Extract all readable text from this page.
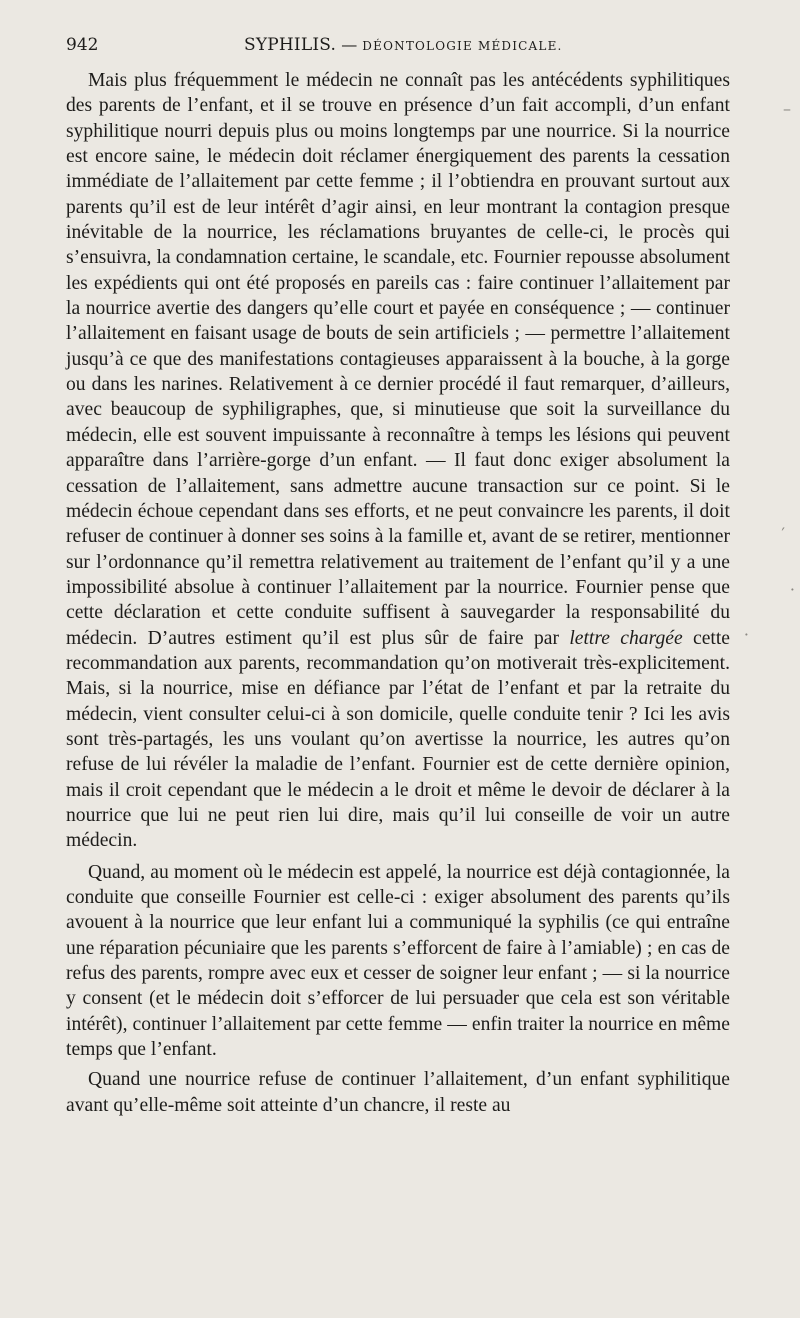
942	SYPHILIS. — DÉONTOLOGIE MÉDICALE.

Mais plus fréquemment le médecin ne connaît pas les antécédents syphilitiques des parents de l’enfant, et il se trouve en présence d’un fait accompli, d’un enfant syphilitique nourri depuis plus ou moins longtemps par une nourrice. Si la nourrice est encore saine, le médecin doit réclamer énergiquement des parents la cessation immédiate de l’allaitement par cette femme ; il l’obtiendra en prouvant surtout aux parents qu’il est de leur intérêt d’agir ainsi, en leur montrant la contagion presque inévitable de la nourrice, les réclamations bruyantes de celle-ci, le procès qui s’ensuivra, la condamnation certaine, le scandale, etc. Fournier repousse absolument les expédients qui ont été proposés en pareils cas : faire continuer l’allaitement par la nourrice avertie des dangers qu’elle court et payée en conséquence ; — continuer l’allaitement en faisant usage de bouts de sein artificiels ; — permettre l’allaitement jusqu’à ce que des manifestations contagieuses apparaissent à la bouche, à la gorge ou dans les narines. Relativement à ce dernier procédé il faut remarquer, d’ailleurs, avec beaucoup de syphiligraphes, que, si minutieuse que soit la surveillance du médecin, elle est souvent impuissante à reconnaître à temps les lésions qui peuvent apparaître dans l’arrière-gorge d’un enfant. — Il faut donc exiger absolument la cessation de l’allaitement, sans admettre aucune transaction sur ce point. Si le médecin échoue cependant dans ses efforts, et ne peut convaincre les parents, il doit refuser de continuer à donner ses soins à la famille et, avant de se retirer, mentionner sur l’ordonnance qu’il remettra relativement au traitement de l’enfant qu’il y a une impossibilité absolue à continuer l’allaitement par la nourrice. Fournier pense que cette déclaration et cette conduite suffisent à sauvegarder la responsabilité du médecin. D’autres estiment qu’il est plus sûr de faire par lettre chargée cette recommandation aux parents, recommandation qu’on motiverait très-explicitement. Mais, si la nourrice, mise en défiance par l’état de l’enfant et par la retraite du médecin, vient consulter celui-ci à son domicile, quelle conduite tenir ? Ici les avis sont très-partagés, les uns voulant qu’on avertisse la nourrice, les autres qu’on refuse de lui révéler la maladie de l’enfant. Fournier est de cette dernière opinion, mais il croit cependant que le médecin a le droit et même le devoir de déclarer à la nourrice que lui ne peut rien lui dire, mais qu’il lui conseille de voir un autre médecin.

Quand, au moment où le médecin est appelé, la nourrice est déjà contagionnée, la conduite que conseille Fournier est celle-ci : exiger absolument des parents qu’ils avouent à la nourrice que leur enfant lui a communiqué la syphilis (ce qui entraîne une réparation pécuniaire que les parents s’efforcent de faire à l’amiable) ; en cas de refus des parents, rompre avec eux et cesser de soigner leur enfant ; — si la nourrice y consent (et le médecin doit s’efforcer de lui persuader que cela est son véritable intérêt), continuer l’allaitement par cette femme — enfin traiter la nourrice en même temps que l’enfant.

Quand une nourrice refuse de continuer l’allaitement, d’un enfant syphilitique avant qu’elle-même soit atteinte d’un chancre, il reste au

–
′
·
·
